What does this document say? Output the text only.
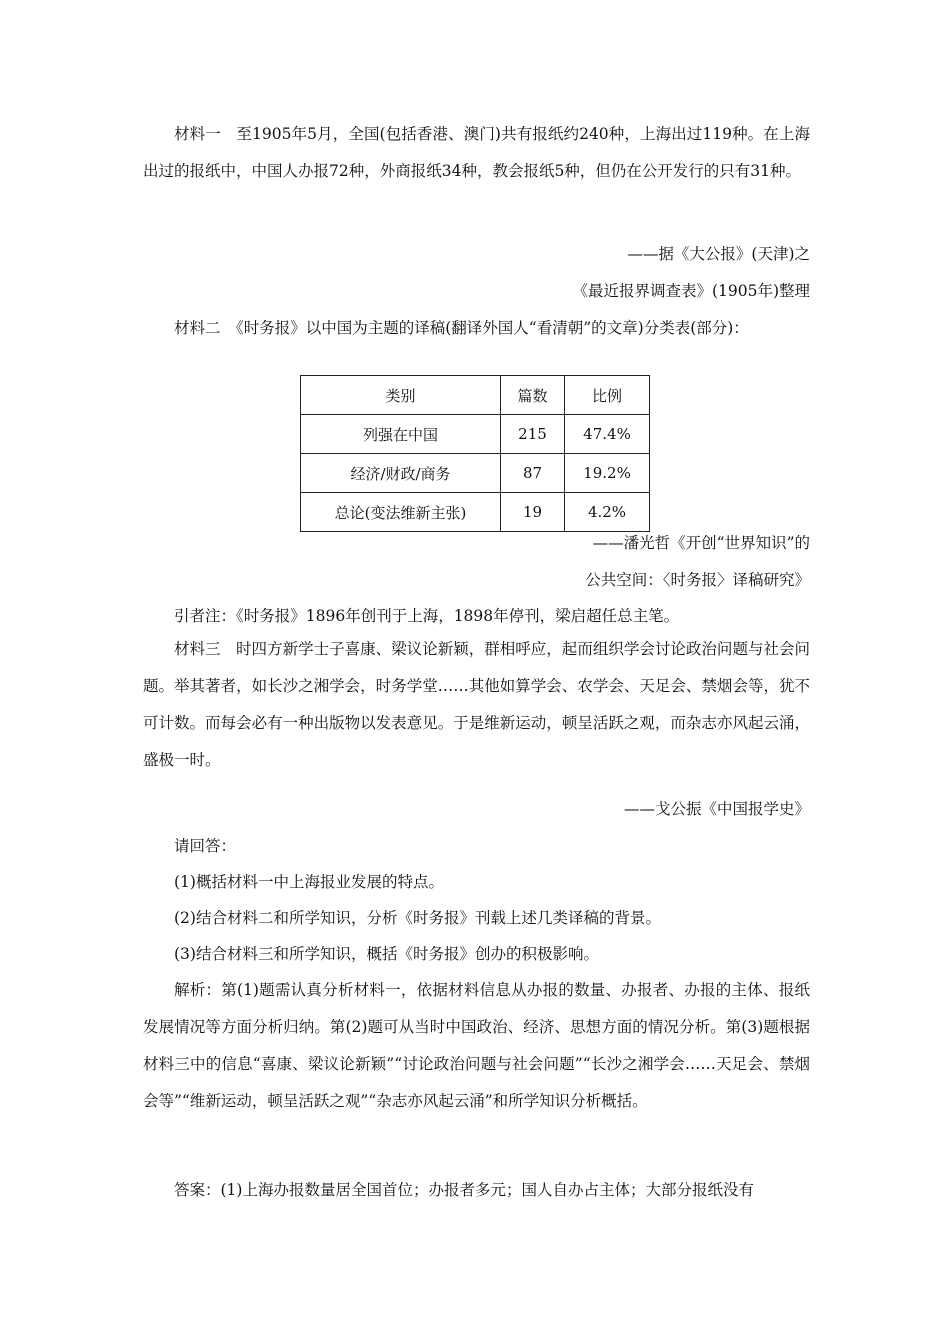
材料一　至1905年5月，全国(包括香港、澳门)共有报纸约240种，上海出过119种。在上海出过的报纸中，中国人办报72种，外商报纸34种，教会报纸5种，但仍在公开发行的只有31种。
——据《大公报》(天津)之
《最近报界调查表》(1905年)整理
材料二　《时务报》以中国为主题的译稿(翻译外国人“看清朝”的文章)分类表(部分)：
类别	篇数	比例
列强在中国	215	47.4%
经济/财政/商务	87	19.2%
总论(变法维新主张)	19	4.2%
——潘光哲《开创“世界知识”的
公共空间：〈时务报〉译稿研究》
引者注：《时务报》1896年创刊于上海，1898年停刊，梁启超任总主笔。
材料三　时四方新学士子喜康、梁议论新颖，群相呼应，起而组织学会讨论政治问题与社会问题。举其著者，如长沙之湘学会，时务学堂……其他如算学会、农学会、天足会、禁烟会等，犹不可计数。而每会必有一种出版物以发表意见。于是维新运动，顿呈活跃之观，而杂志亦风起云涌，盛极一时。
——戈公振《中国报学史》
请回答：
(1)概括材料一中上海报业发展的特点。
(2)结合材料二和所学知识，分析《时务报》刊载上述几类译稿的背景。
(3)结合材料三和所学知识，概括《时务报》创办的积极影响。
解析：第(1)题需认真分析材料一，依据材料信息从办报的数量、办报者、办报的主体、报纸发展情况等方面分析归纳。第(2)题可从当时中国政治、经济、思想方面的情况分析。第(3)题根据材料三中的信息“喜康、梁议论新颖”“讨论政治问题与社会问题”“长沙之湘学会……天足会、禁烟会等”“维新运动，顿呈活跃之观”“杂志亦风起云涌”和所学知识分析概括。
答案：(1)上海办报数量居全国首位；办报者多元；国人自办占主体；大部分报纸没有
